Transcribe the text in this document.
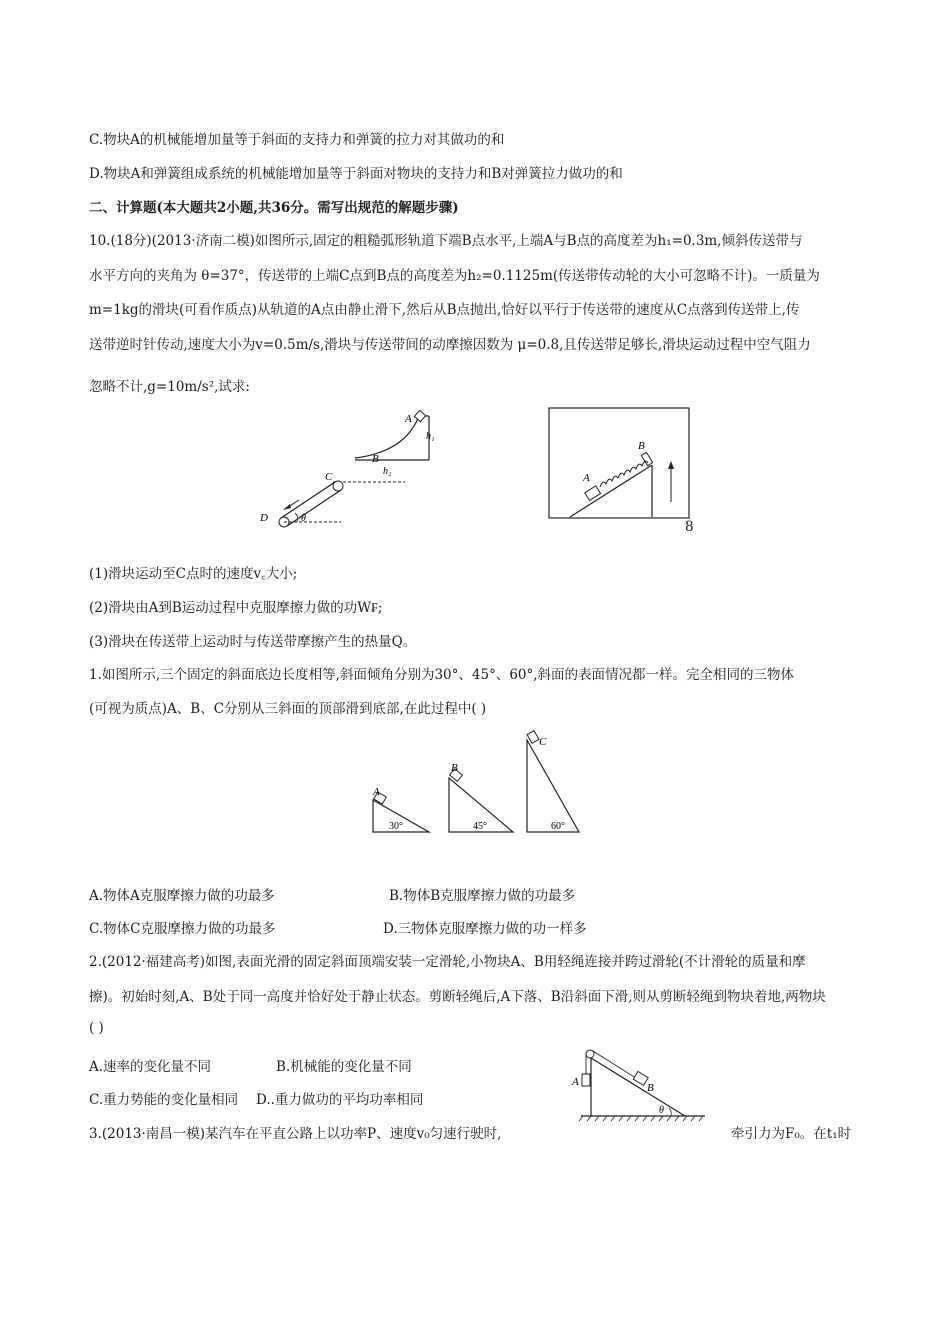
C.物块A的机械能增加量等于斜面的支持力和弹簧的拉力对其做功的和
D.物块A和弹簧组成系统的机械能增加量等于斜面对物块的支持力和B对弹簧拉力做功的和
二、计算题(本大题共2小题,共36分。需写出规范的解题步骤)
10.(18分)(2013·济南二模)如图所示,固定的粗糙弧形轨道下端B点水平,上端A与B点的高度差为h₁=0.3m,倾斜传送带与
水平方向的夹角为 θ=37°，传送带的上端C点到B点的高度差为h₂=0.1125m(传送带传动轮的大小可忽略不计)。一质量为
m=1kg的滑块(可看作质点)从轨道的A点由静止滑下,然后从B点抛出,恰好以平行于传送带的速度从C点落到传送带上,传
送带逆时针传动,速度大小为v=0.5m/s,滑块与传送带间的动摩擦因数为 μ=0.8,且传送带足够长,滑块运动过程中空气阻力
忽略不计,g=10m/s²,试求:
A
h₁
B
h₂
C
D	θ
A
B
8
(1)滑块运动至C点时的速度v꜀大小;
(2)滑块由A到B运动过程中克服摩擦力做的功W₣;
(3)滑块在传送带上运动时与传送带摩擦产生的热量Q。
1.如图所示,三个固定的斜面底边长度相等,斜面倾角分别为30°、45°、60°,斜面的表面情况都一样。完全相同的三物体
(可视为质点)A、B、C分别从三斜面的顶部滑到底部,在此过程中( )
A
30°
B
45°
C
60°
A.物体A克服摩擦力做的功最多	B.物体B克服摩擦力做的功最多
C.物体C克服摩擦力做的功最多	D.三物体克服摩擦力做的功一样多
2.(2012·福建高考)如图,表面光滑的固定斜面顶端安装一定滑轮,小物块A、B用轻绳连接并跨过滑轮(不计滑轮的质量和摩
擦)。初始时刻,A、B处于同一高度并恰好处于静止状态。剪断轻绳后,A下落、B沿斜面下滑,则从剪断轻绳到物块着地,两物块
( )
A.速率的变化量不同	B.机械能的变化量不同
C.重力势能的变化量相同 D..重力做功的平均功率相同
A	B
θ
3.(2013·南昌一模)某汽车在平直公路上以功率P、速度v₀匀速行驶时,	牵引力为F₀。在t₁时
